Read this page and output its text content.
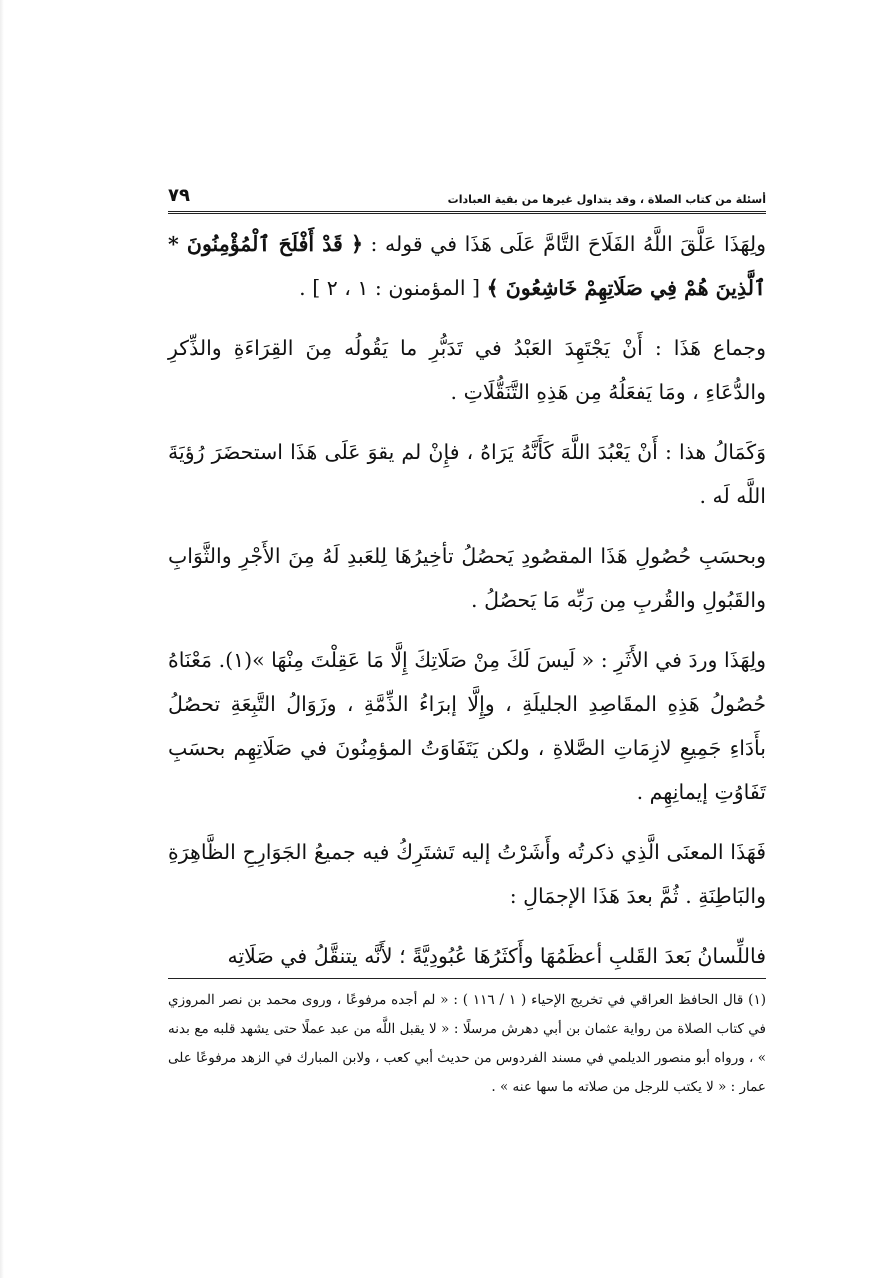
أسئلة من كتاب الصلاة ، وقد يتداول غيرها من بقية العبادات
٧٩

ولِهَذَا عَلَّقَ اللَّهُ الفَلَاحَ التَّامَّ عَلَى هَذَا في قوله : ﴿ قَدْ أَفْلَحَ ٱلْمُؤْمِنُونَ * ٱلَّذِينَ هُمْ فِي صَلَاتِهِمْ خَاشِعُونَ ﴾ [ المؤمنون : ١ ، ٢ ] .

وجماع هَذَا : أَنْ يَجْتَهِدَ العَبْدُ في تَدَبُّرِ ما يَقُولُه مِنَ القِرَاءَةِ والذِّكرِ والدُّعَاءِ ، ومَا يَفعَلُهُ مِن هَذِهِ التَّنَقُّلَاتِ .

وَكَمَالُ هذا : أَنْ يَعْبُدَ اللَّهَ كَأَنَّهُ يَرَاهُ ، فإِنْ لم يقوَ عَلَى هَذَا استحضَرَ رُؤيَةَ اللَّه لَه .

وبحسَبِ حُصُولِ هَذَا المقصُودِ يَحصُلُ تأخِيرُهَا لِلعَبدِ لَهُ مِنَ الأَجْرِ والثَّوَابِ والقَبُولِ والقُربِ مِن رَبِّه مَا يَحصُلُ .

ولِهَذَا وردَ في الأَثَرِ : « لَيسَ لَكَ مِنْ صَلَاتِكَ إِلَّا مَا عَقِلْتَ مِنْهَا »(١). مَعْنَاهُ حُصُولُ هَذِهِ المقَاصِدِ الجليلَةِ ، وإِلَّا إبرَاءُ الذِّمَّةِ ، وزَوَالُ التَّبِعَةِ تحصُلُ بأَدَاءِ جَمِيعِ لازِمَاتِ الصَّلاةِ ، ولكن يَتَفَاوَتُ المؤمِنُونَ في صَلَاتِهِم بحسَبِ تَفَاوُتِ إيمانِهِم .

فَهَذَا المعنَى الَّذِي ذكرتُه وأَشَرْتُ إليه تَشتَرِكُ فيه جميعُ الجَوَارِحِ الظَّاهِرَةِ والبَاطِنَةِ . ثُمَّ بعدَ هَذَا الإجمَالِ :

فاللِّسانُ بَعدَ القَلبِ أعظَمُهَا وأَكثَرُهَا عُبُودِيَّةً ؛ لأَنَّه يتنقَّلُ في صَلَاتِه

(١) قال الحافظ العراقي في تخريج الإحياء ( ١ / ١١٦ ) : « لم أجده مرفوعًا ، وروى محمد بن نصر المروزي في كتاب الصلاة من رواية عثمان بن أبي دهرش مرسلًا : « لا يقبل اللَّه من عبد عملًا حتى يشهد قلبه مع بدنه » ، ورواه أبو منصور الديلمي في مسند الفردوس من حديث أبي كعب ، ولابن المبارك في الزهد مرفوعًا على عمار : « لا يكتب للرجل من صلاته ما سها عنه » .
